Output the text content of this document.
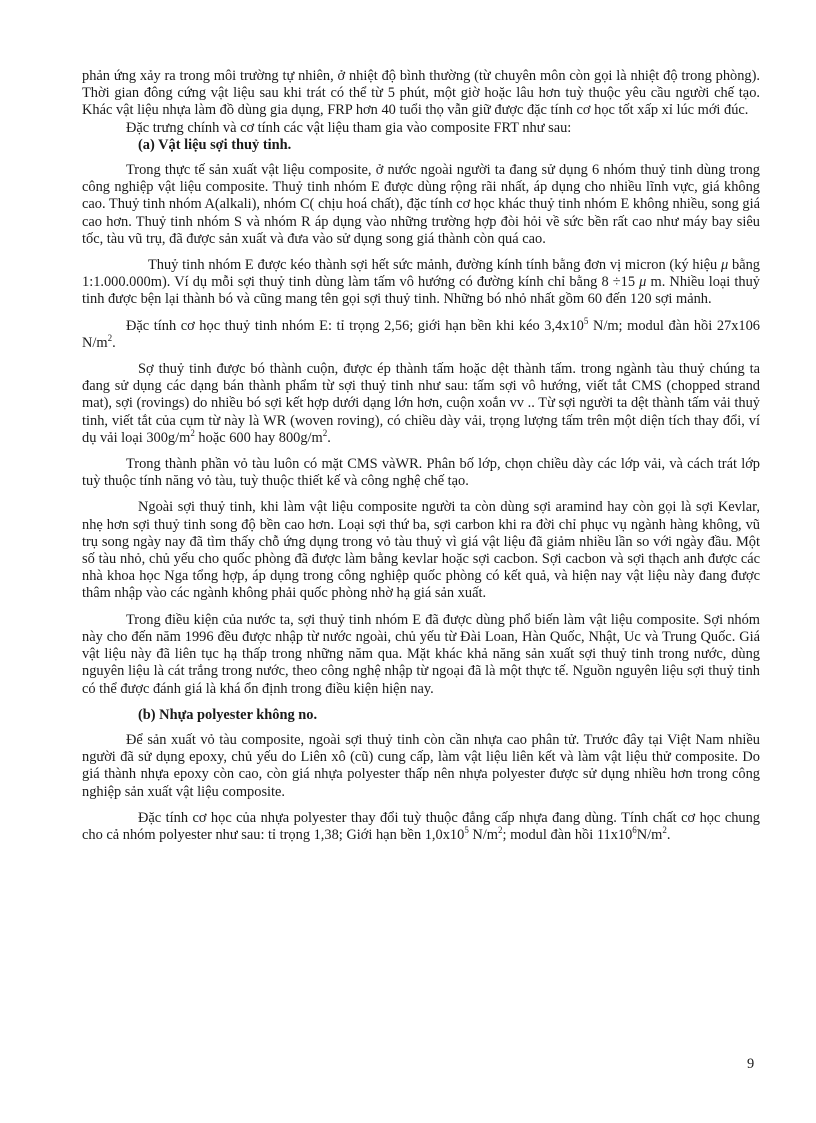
phản ứng xảy ra trong môi trường tự nhiên, ở nhiệt độ bình thường (từ chuyên môn còn gọi là nhiệt độ trong phòng). Thời gian đông cứng vật liệu sau khi trát có thể từ 5 phút, một giờ hoặc lâu hơn tuỳ thuộc yêu cầu người chế tạo. Khác vật liệu nhựa làm đồ dùng gia dụng, FRP hơn 40 tuổi thọ vẫn giữ được đặc tính cơ học tốt xấp xỉ lúc mới đúc.

Đặc trưng chính và cơ tính các vật liệu tham gia vào composite FRT như sau:

(a) Vật liệu sợi thuỷ tinh.

Trong thực tế sản xuất vật liệu composite, ở nước ngoài người ta đang sử dụng 6 nhóm thuỷ tinh dùng trong công nghiệp vật liệu composite. Thuỷ tinh nhóm E được dùng rộng rãi nhất, áp dụng cho nhiều lĩnh vực, giá không cao. Thuỷ tinh nhóm A(alkali), nhóm C( chịu hoá chất), đặc tính cơ học khác thuỷ tinh nhóm E không nhiều, song giá cao hơn. Thuỷ tinh nhóm S và nhóm R áp dụng vào những trường hợp đòi hỏi về sức bền rất cao như máy bay siêu tốc, tàu vũ trụ, đã được sản xuất và đưa vào sử dụng song giá thành còn quá cao.

Thuỷ tinh nhóm E được kéo thành sợi hết sức mảnh, đường kính tính bằng đơn vị micron (ký hiệu μ bằng 1:1.000.000m). Ví dụ mỗi sợi thuỷ tinh dùng làm tấm vô hướng có đường kính chỉ bằng 8 ÷15 μ m. Nhiều loại thuỷ tinh được bện lại thành bó và cũng mang tên gọi sợi thuỷ tinh. Những bó nhỏ nhất gồm 60 đến 120 sợi mảnh.

Đặc tính cơ học thuỷ tinh nhóm E: tỉ trọng 2,56; giới hạn bền khi kéo $3,4x10^5$ N/m; modul đàn hồi 27x106 $N/m^2$.

Sợ thuỷ tinh được bó thành cuộn, được ép thành tấm hoặc dệt thành tấm. trong ngành tàu thuỷ chúng ta đang sử dụng các dạng bán thành phẩm từ sợi thuỷ tinh như sau: tấm sợi vô hướng, viết tắt CMS (chopped strand mat), sợi (rovings) do nhiều bó sợi kết hợp dưới dạng lớn hơn, cuộn xoắn vv .. Từ sợi người ta dệt thành tấm vải thuỷ tinh, viết tắt của cụm từ này là WR (woven roving), có chiều dày vải, trọng lượng tấm trên một diện tích thay đổi, ví dụ vải loại $300g/m^2$ hoặc 600 hay $800g/m^2$.

Trong thành phần vỏ tàu luôn có mặt CMS vàWR. Phân bố lớp, chọn chiều dày các lớp vải, và cách trát lớp tuỳ thuộc tính năng vỏ tàu, tuỳ thuộc thiết kế và công nghệ chế tạo.

Ngoài sợi thuỷ tinh, khi làm vật liệu composite người ta còn dùng sợi aramind hay còn gọi là sợi Kevlar, nhẹ hơn sợi thuỷ tinh song độ bền cao hơn. Loại sợi thứ ba, sợi carbon khi ra đời chỉ phục vụ ngành hàng không, vũ trụ song ngày nay đã tìm thấy chỗ ứng dụng trong vỏ tàu thuỷ vì giá vật liệu đã giảm nhiều lần so với ngày đầu. Một số tàu nhỏ, chủ yếu cho quốc phòng đã được làm bằng kevlar hoặc sợi cacbon. Sợi cacbon và sợi thạch anh được các nhà khoa học Nga tổng hợp, áp dụng trong công nghiệp quốc phòng có kết quả, và hiện nay vật liệu này đang được thâm nhập vào các ngành không phải quốc phòng nhờ hạ giá sản xuất.

Trong điều kiện của nước ta, sợi thuỷ tinh nhóm E đã được dùng phổ biến làm vật liệu composite. Sợi nhóm này cho đến năm 1996 đều được nhập từ nước ngoài, chủ yếu từ Đài Loan, Hàn Quốc, Nhật, Uc và Trung Quốc. Giá vật liệu này đã liên tục hạ thấp trong những năm qua. Mặt khác khả năng sản xuất sợi thuỷ tinh trong nước, dùng nguyên liệu là cát trắng trong nước, theo công nghệ nhập từ ngoại đã là một thực tế. Nguồn nguyên liệu sợi thuỷ tinh có thể được đánh giá là khá ổn định trong điều kiện hiện nay.

(b) Nhựa polyester không no.

Để sản xuất vỏ tàu composite, ngoài sợi thuỷ tinh còn cần nhựa cao phân tử. Trước đây tại Việt Nam nhiều người đã sử dụng epoxy, chủ yếu do Liên xô (cũ) cung cấp, làm vật liệu liên kết và làm vật liệu thử composite. Do giá thành nhựa epoxy còn cao, còn giá nhựa polyester thấp nên nhựa polyester được sử dụng nhiều hơn trong công nghiệp sản xuất vật liệu composite.

Đặc tính cơ học của nhựa polyester thay đổi tuỳ thuộc đẳng cấp nhựa đang dùng. Tính chất cơ học chung cho cả nhóm polyester như sau: tỉ trọng 1,38; Giới hạn bền $1,0x10^5$ $N/m^2$; modul đàn hồi $11x10^6N/m^2$.

9
